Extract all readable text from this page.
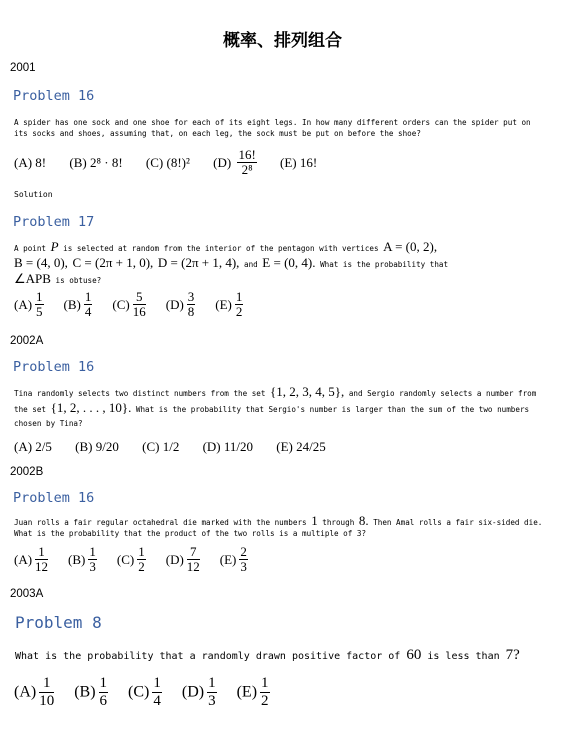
概率、排列组合
2001
Problem 16
A spider has one sock and one shoe for each of its eight legs. In how many different orders can the spider put on its socks and shoes, assuming that, on each leg, the sock must be put on before the shoe?
(A) 8! (B) 2⁸ · 8! (C) (8!)² $(D) \frac{16!}{\text{2⁸}} (E)$ 16!
Solution
Problem 17
A point P is selected at random from the interior of the pentagon with vertices A = (0, 2),
B = (4, 0), C = (2π + 1, 0), D = (2π + 1, 4), and E = (0, 4). What is the probability that
∠APB is obtuse?
$(A) \frac{1}{5} (B) \frac{1}{4} (C) \frac{5}{16} (D) \frac{3}{8} (E) \frac{1}{2}$
2002A
Problem 16
Tina randomly selects two distinct numbers from the set {1, 2, 3, 4, 5}, and Sergio randomly selects a number from the set {1, 2, . . . , 10}. What is the probability that Sergio's number is larger than the sum of the two numbers chosen by Tina?
(A) 2/5 (B) 9/20 (C) 1/2 (D) 11/20 (E) 24/25
2002B
Problem 16
Juan rolls a fair regular octahedral die marked with the numbers 1 through 8. Then Amal rolls a fair six-sided die. What is the probability that the product of the two rolls is a multiple of 3?
$(A) \frac{1}{12} (B) \frac{1}{3} (C) \frac{1}{2} (D) \frac{7}{12} (E) \frac{2}{3}$
2003A
Problem 8
What is the probability that a randomly drawn positive factor of 60 is less than 7?
$(A) \frac{1}{10} (B) \frac{1}{6} (C) \frac{1}{4} (D) \frac{1}{3} (E) \frac{1}{2}$
